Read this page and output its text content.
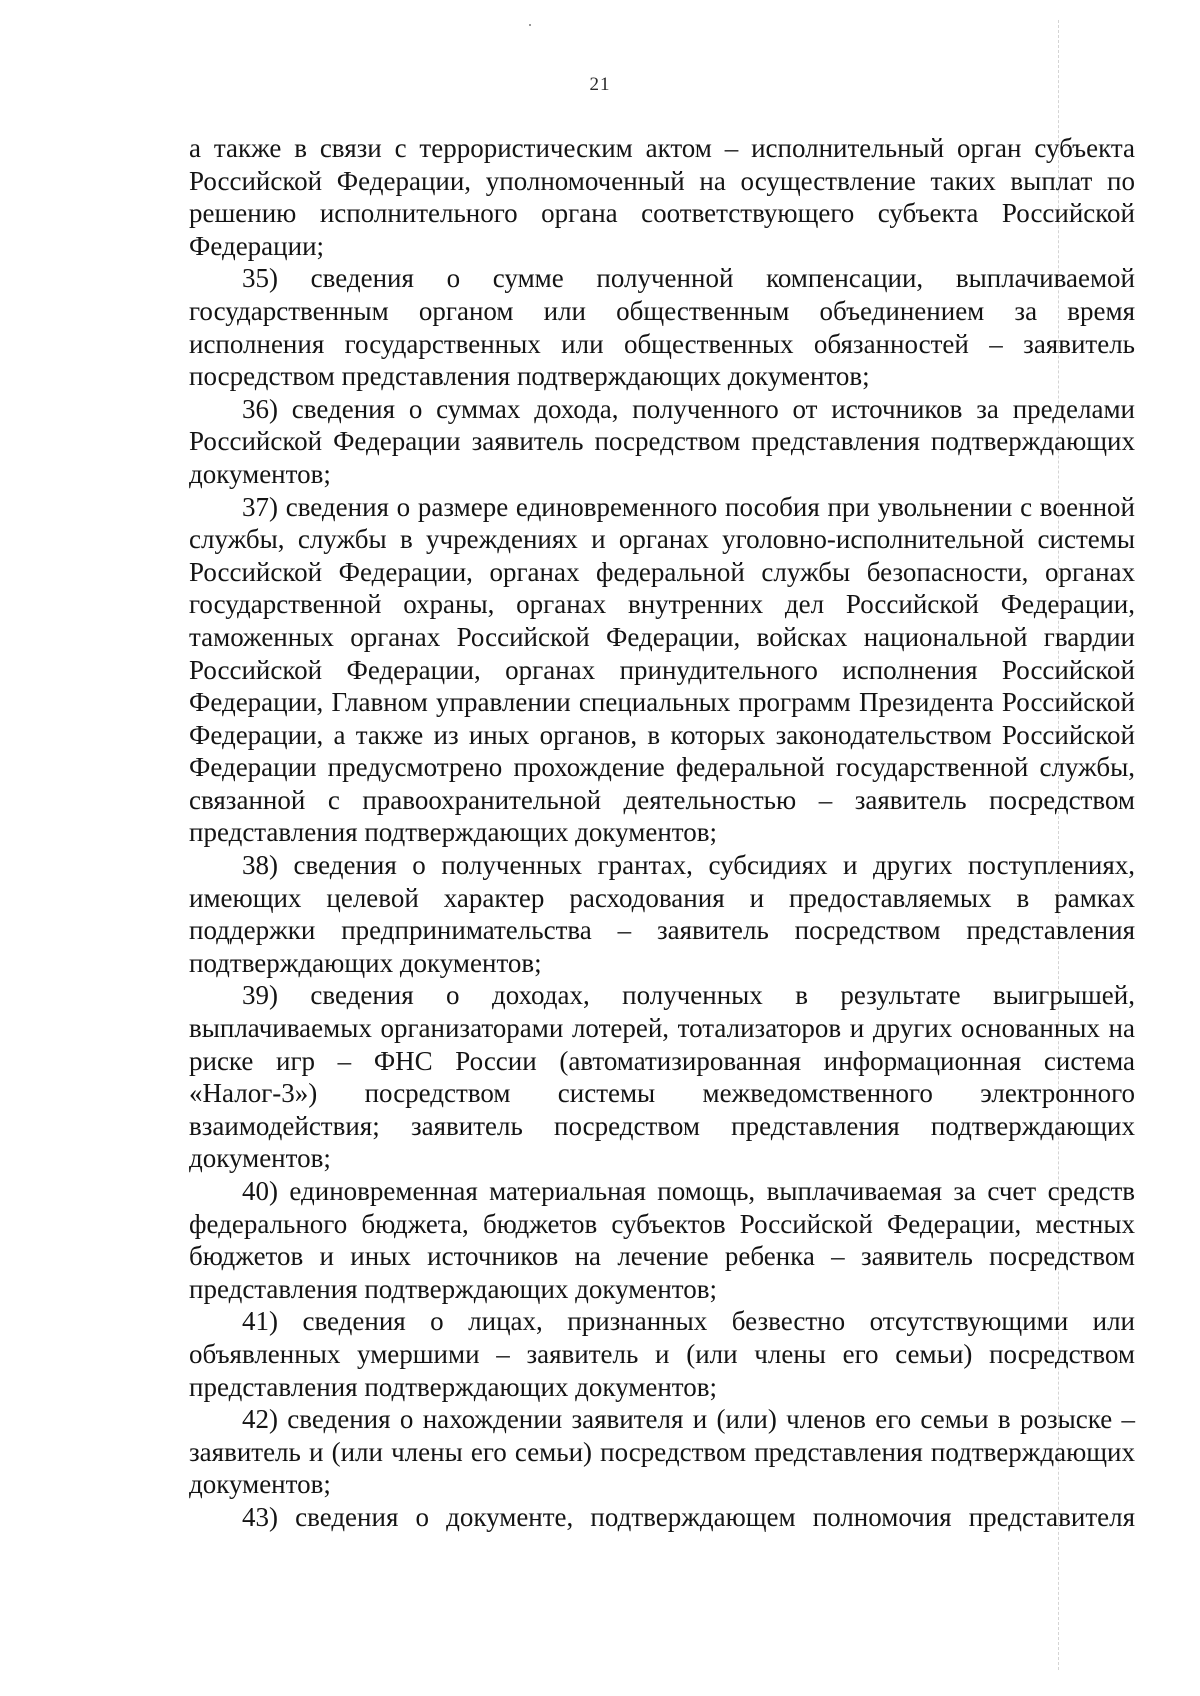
21

а также в связи с террористическим актом – исполнительный орган субъекта Российской Федерации, уполномоченный на осуществление таких выплат по решению исполнительного органа соответствующего субъекта Российской Федерации;

35) сведения о сумме полученной компенсации, выплачиваемой государственным органом или общественным объединением за время исполнения государственных или общественных обязанностей – заявитель посредством представления подтверждающих документов;

36) сведения о суммах дохода, полученного от источников за пределами Российской Федерации заявитель посредством представления подтверждающих документов;

37) сведения о размере единовременного пособия при увольнении с военной службы, службы в учреждениях и органах уголовно-исполнительной системы Российской Федерации, органах федеральной службы безопасности, органах государственной охраны, органах внутренних дел Российской Федерации, таможенных органах Российской Федерации, войсках национальной гвардии Российской Федерации, органах принудительного исполнения Российской Федерации, Главном управлении специальных программ Президента Российской Федерации, а также из иных органов, в которых законодательством Российской Федерации предусмотрено прохождение федеральной государственной службы, связанной с правоохранительной деятельностью – заявитель посредством представления подтверждающих документов;

38) сведения о полученных грантах, субсидиях и других поступлениях, имеющих целевой характер расходования и предоставляемых в рамках поддержки предпринимательства – заявитель посредством представления подтверждающих документов;

39) сведения о доходах, полученных в результате выигрышей, выплачиваемых организаторами лотерей, тотализаторов и других основанных на риске игр – ФНС России (автоматизированная информационная система «Налог-3») посредством системы межведомственного электронного взаимодействия; заявитель посредством представления подтверждающих документов;

40) единовременная материальная помощь, выплачиваемая за счет средств федерального бюджета, бюджетов субъектов Российской Федерации, местных бюджетов и иных источников на лечение ребенка – заявитель посредством представления подтверждающих документов;

41) сведения о лицах, признанных безвестно отсутствующими или объявленных умершими – заявитель и (или члены его семьи) посредством представления подтверждающих документов;

42) сведения о нахождении заявителя и (или) членов его семьи в розыске – заявитель и (или члены его семьи) посредством представления подтверждающих документов;

43) сведения о документе, подтверждающем полномочия представителя
